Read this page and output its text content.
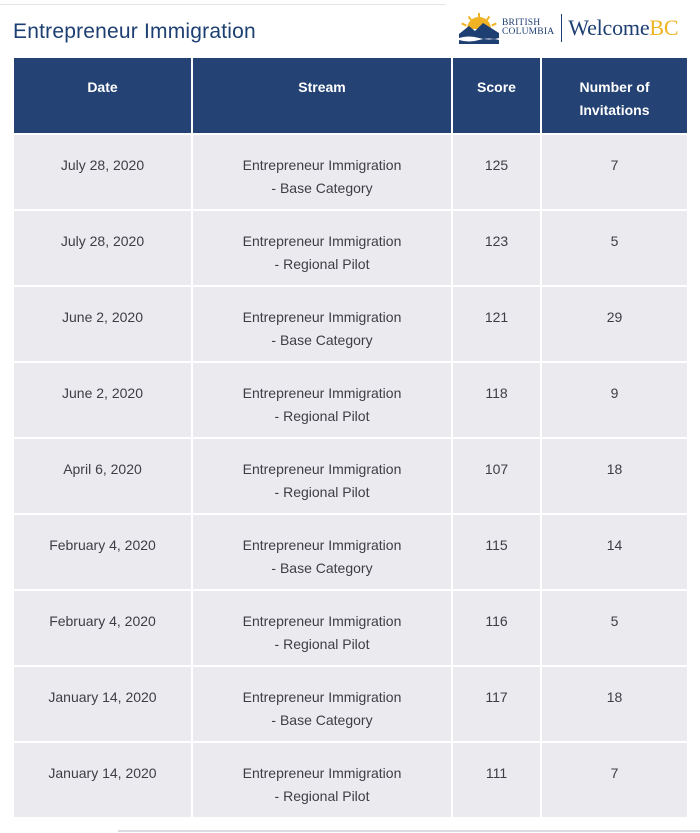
Entrepreneur Immigration	BRITISH
COLUMBIA WelcomeBC
Date	Stream	Score	Number of
Invitations

July 28, 2020	Entrepreneur Immigration
- Base Category	125	7

July 28, 2020	Entrepreneur Immigration
- Regional Pilot	123	5

June 2, 2020	Entrepreneur Immigration
- Base Category	121	29

June 2, 2020	Entrepreneur Immigration
- Regional Pilot	118	9

April 6, 2020	Entrepreneur Immigration
- Regional Pilot	107	18

February 4, 2020	Entrepreneur Immigration
- Base Category	115	14

February 4, 2020	Entrepreneur Immigration
- Regional Pilot	116	5

January 14, 2020	Entrepreneur Immigration
- Base Category	117	18

January 14, 2020	Entrepreneur Immigration
- Regional Pilot	111	7
